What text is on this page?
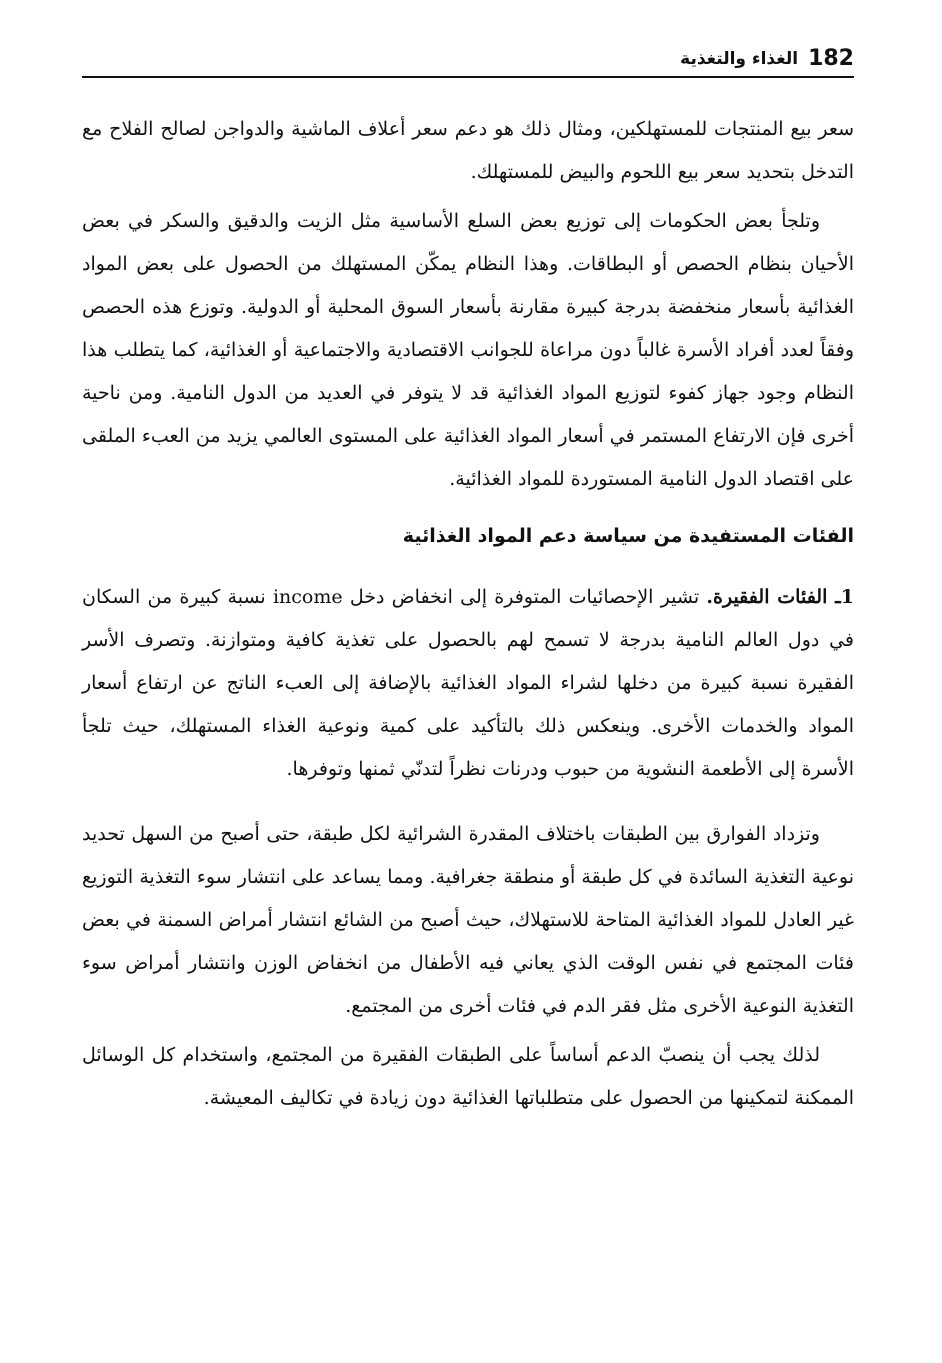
182
الغذاء والتغذية

سعر بيع المنتجات للمستهلكين، ومثال ذلك هو دعم سعر أعلاف الماشية والدواجن لصالح الفلاح مع التدخل بتحديد سعر بيع اللحوم والبيض للمستهلك.

وتلجأ بعض الحكومات إلى توزيع بعض السلع الأساسية مثل الزيت والدقيق والسكر في بعض الأحيان بنظام الحصص أو البطاقات. وهذا النظام يمكّن المستهلك من الحصول على بعض المواد الغذائية بأسعار منخفضة بدرجة كبيرة مقارنة بأسعار السوق المحلية أو الدولية. وتوزع هذه الحصص وفقاً لعدد أفراد الأسرة غالباً دون مراعاة للجوانب الاقتصادية والاجتماعية أو الغذائية، كما يتطلب هذا النظام وجود جهاز كفوء لتوزيع المواد الغذائية قد لا يتوفر في العديد من الدول النامية. ومن ناحية أخرى فإن الارتفاع المستمر في أسعار المواد الغذائية على المستوى العالمي يزيد من العبء الملقى على اقتصاد الدول النامية المستوردة للمواد الغذائية.

الفئات المستفيدة من سياسة دعم المواد الغذائية

1ـ الفئات الفقيرة. تشير الإحصائيات المتوفرة إلى انخفاض دخل income نسبة كبيرة من السكان في دول العالم النامية بدرجة لا تسمح لهم بالحصول على تغذية كافية ومتوازنة. وتصرف الأسر الفقيرة نسبة كبيرة من دخلها لشراء المواد الغذائية بالإضافة إلى العبء الناتج عن ارتفاع أسعار المواد والخدمات الأخرى. وينعكس ذلك بالتأكيد على كمية ونوعية الغذاء المستهلك، حيث تلجأ الأسرة إلى الأطعمة النشوية من حبوب ودرنات نظراً لتدنّي ثمنها وتوفرها.

وتزداد الفوارق بين الطبقات باختلاف المقدرة الشرائية لكل طبقة، حتى أصبح من السهل تحديد نوعية التغذية السائدة في كل طبقة أو منطقة جغرافية. ومما يساعد على انتشار سوء التغذية التوزيع غير العادل للمواد الغذائية المتاحة للاستهلاك، حيث أصبح من الشائع انتشار أمراض السمنة في بعض فئات المجتمع في نفس الوقت الذي يعاني فيه الأطفال من انخفاض الوزن وانتشار أمراض سوء التغذية النوعية الأخرى مثل فقر الدم في فئات أخرى من المجتمع.

لذلك يجب أن ينصبّ الدعم أساساً على الطبقات الفقيرة من المجتمع، واستخدام كل الوسائل الممكنة لتمكينها من الحصول على متطلباتها الغذائية دون زيادة في تكاليف المعيشة.
